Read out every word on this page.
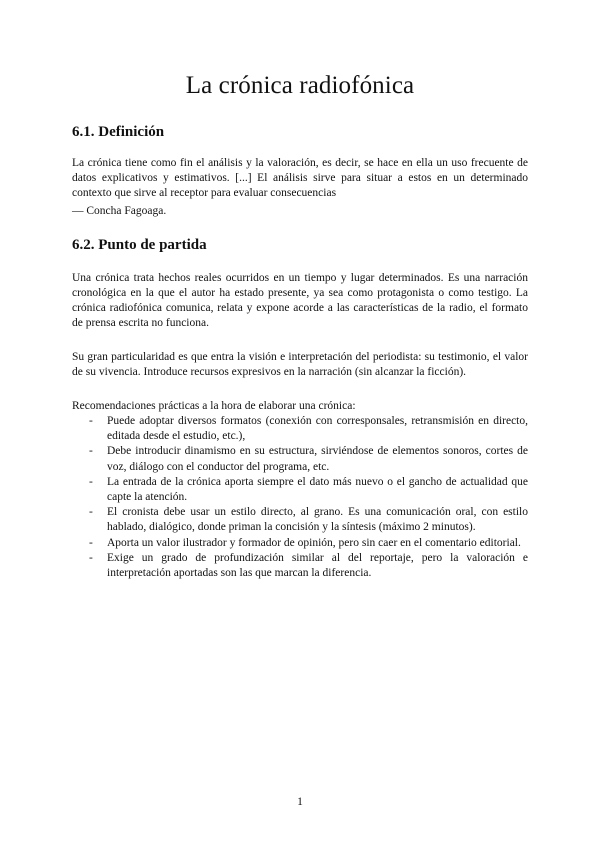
La crónica radiofónica
6.1. Definición

La crónica tiene como fin el análisis y la valoración, es decir, se hace en ella un uso frecuente de datos explicativos y estimativos. [...] El análisis sirve para situar a estos en un determinado contexto que sirve al receptor para evaluar consecuencias

— Concha Fagoaga.

6.2. Punto de partida

Una crónica trata hechos reales ocurridos en un tiempo y lugar determinados. Es una narración cronológica en la que el autor ha estado presente, ya sea como protagonista o como testigo. La crónica radiofónica comunica, relata y expone acorde a las características de la radio, el formato de prensa escrita no funciona.

Su gran particularidad es que entra la visión e interpretación del periodista: su testimonio, el valor de su vivencia. Introduce recursos expresivos en la narración (sin alcanzar la ficción).

Recomendaciones prácticas a la hora de elaborar una crónica:

- Puede adoptar diversos formatos (conexión con corresponsales, retransmisión en directo, editada desde el estudio, etc.),
- Debe introducir dinamismo en su estructura, sirviéndose de elementos sonoros, cortes de voz, diálogo con el conductor del programa, etc.
- La entrada de la crónica aporta siempre el dato más nuevo o el gancho de actualidad que capte la atención.
- El cronista debe usar un estilo directo, al grano. Es una comunicación oral, con estilo hablado, dialógico, donde priman la concisión y la síntesis (máximo 2 minutos).
- Aporta un valor ilustrador y formador de opinión, pero sin caer en el comentario editorial.
- Exige un grado de profundización similar al del reportaje, pero la valoración e interpretación aportadas son las que marcan la diferencia.
1
